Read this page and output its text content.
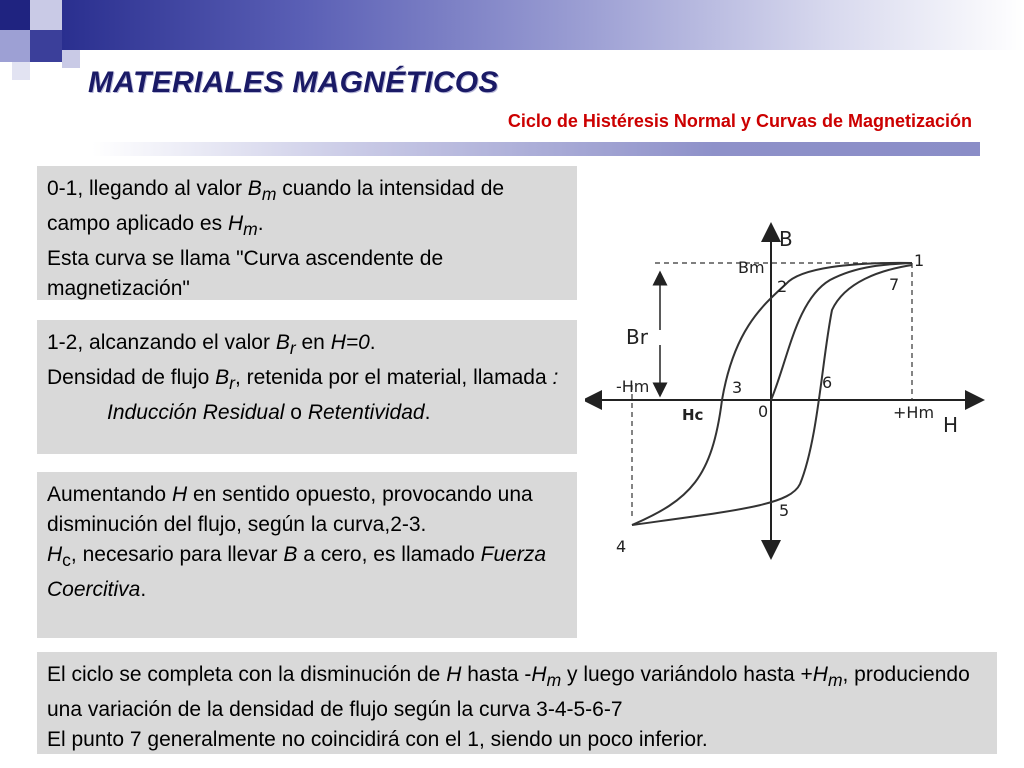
MATERIALES MAGNÉTICOS
Ciclo de Histéresis Normal y Curvas de Magnetización

0-1, llegando al valor $B_m$ cuando la intensidad de campo aplicado es $H_m$.

Esta curva se llama "Curva ascendente de magnetización"

1-2, alcanzando el valor $B_r$ en H=0.

Densidad de flujo $B_r$, retenida por el material, llamada :

Inducción Residual o Retentividad.

Aumentando H en sentido opuesto, provocando una disminución del flujo, según la curva,2-3.

$H_c$, necesario para llevar B a cero, es llamado Fuerza Coercitiva.

El ciclo se completa con la disminución de H hasta $-H_m$ y luego variándolo hasta $+H_m$, produciendo una variación de la densidad de flujo según la curva 3-4-5-6-7

El punto 7 generalmente no coincidirá con el 1, siendo un poco inferior.

B
H
Bm
Br
-Hm
+Hm
Hc	0
1
2
3
4
5
6
7
